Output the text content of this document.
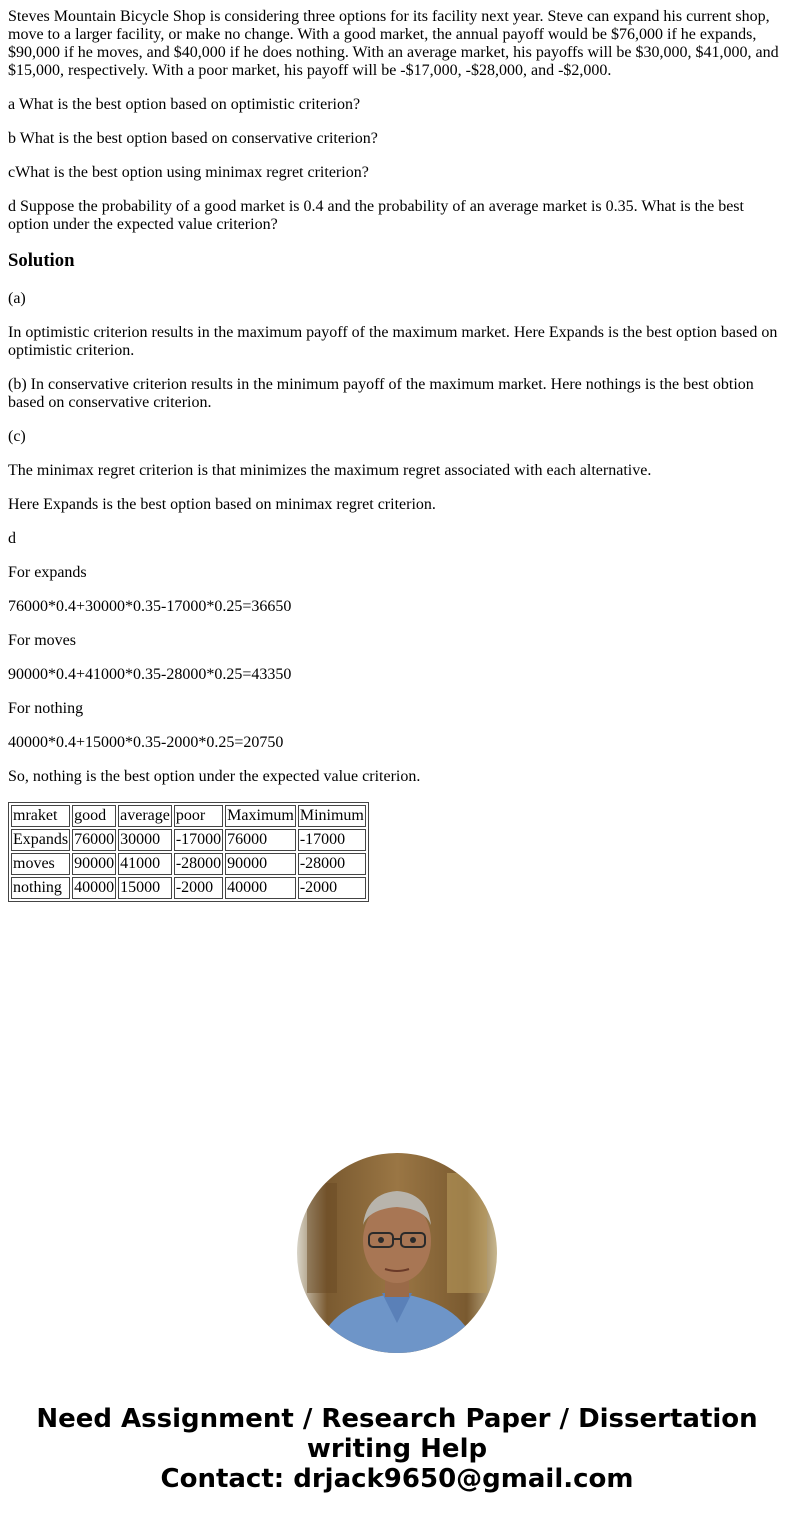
Steves Mountain Bicycle Shop is considering three options for its facility next year. Steve can expand his current shop, move to a larger facility, or make no change. With a good market, the annual payoff would be $76,000 if he expands, $90,000 if he moves, and $40,000 if he does nothing. With an average market, his payoffs will be $30,000, $41,000, and $15,000, respectively. With a poor market, his payoff will be -$17,000, -$28,000, and -$2,000.

a What is the best option based on optimistic criterion?

b What is the best option based on conservative criterion?

cWhat is the best option using minimax regret criterion?

d Suppose the probability of a good market is 0.4 and the probability of an average market is 0.35. What is the best option under the expected value criterion?

Solution

(a)

In optimistic criterion results in the maximum payoff of the maximum market. Here Expands is the best option based on optimistic criterion.

(b) In conservative criterion results in the minimum payoff of the maximum market. Here nothings is the best obtion based on conservative criterion.

(c)

The minimax regret criterion is that minimizes the maximum regret associated with each alternative.

Here Expands is the best option based on minimax regret criterion.

d

For expands

76000*0.4+30000*0.35-17000*0.25=36650

For moves

90000*0.4+41000*0.35-28000*0.25=43350

For nothing

40000*0.4+15000*0.35-2000*0.25=20750

So, nothing is the best option under the expected value criterion.

mraket	good	average	poor	Maximum	Minimum
Expands	76000	30000	-17000	76000	-17000
moves	90000	41000	-28000	90000	-28000
nothing	40000	15000	-2000	40000	-2000
Need Assignment / Research Paper / Dissertation
writing Help
Contact: drjack9650@gmail.com
